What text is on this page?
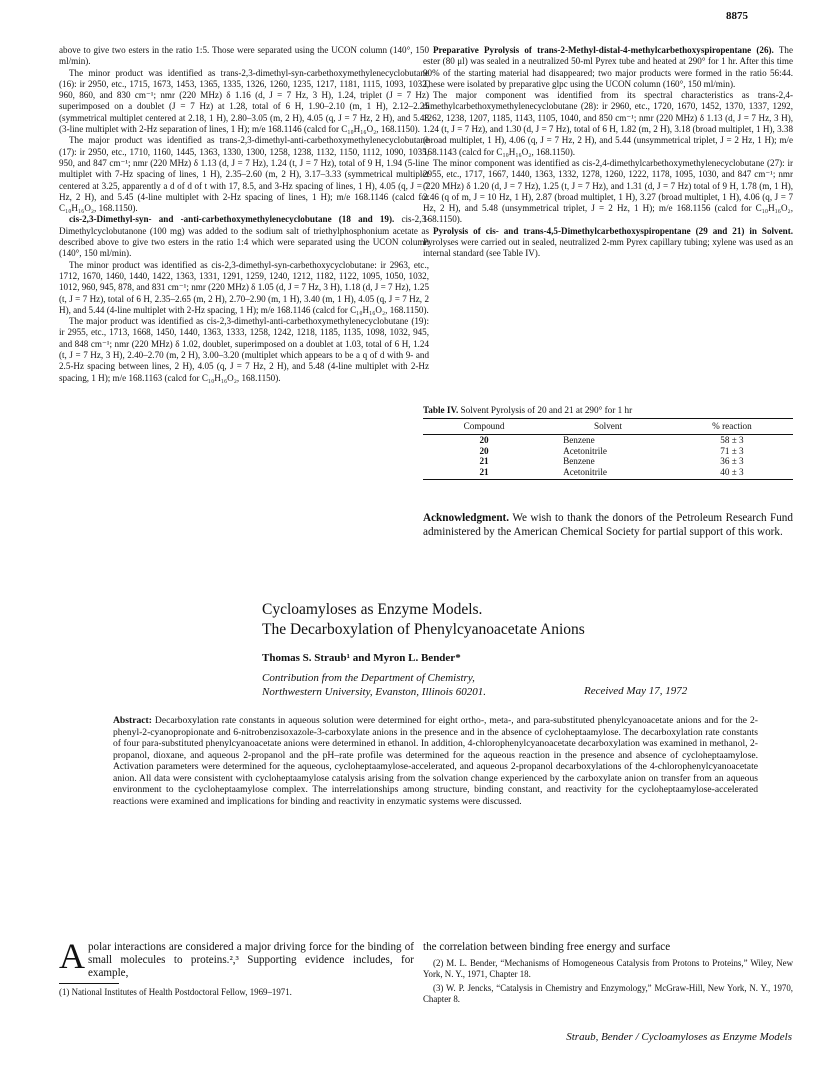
8875

above to give two esters in the ratio 1:5. Those were separated using the UCON column (140°, 150 ml/min).

The minor product was identified as trans-2,3-dimethyl-syn-carbethoxymethylenecyclobutane (16): ir 2950, etc., 1715, 1673, 1453, 1365, 1335, 1326, 1260, 1235, 1217, 1181, 1115, 1093, 1032, 960, 860, and 830 cm⁻¹; nmr (220 MHz) δ 1.16 (d, J = 7 Hz, 3 H), 1.24, triplet (J = 7 Hz) superimposed on a doublet (J = 7 Hz) at 1.28, total of 6 H, 1.90–2.10 (m, 1 H), 2.12–2.25 (symmetrical multiplet centered at 2.18, 1 H), 2.80–3.05 (m, 2 H), 4.05 (q, J = 7 Hz, 2 H), and 5.48 (3-line multiplet with 2-Hz separation of lines, 1 H); m/e 168.1146 (calcd for C₁₀H₁₆O₂, 168.1150).

The major product was identified as trans-2,3-dimethyl-anti-carbethoxymethylenecyclobutane (17): ir 2950, etc., 1710, 1160, 1445, 1363, 1330, 1300, 1258, 1238, 1132, 1150, 1112, 1090, 1035, 950, and 847 cm⁻¹; nmr (220 MHz) δ 1.13 (d, J = 7 Hz), 1.24 (t, J = 7 Hz), total of 9 H, 1.94 (5-line multiplet with 7-Hz spacing of lines, 1 H), 2.35–2.60 (m, 2 H), 3.17–3.33 (symmetrical multiplet centered at 3.25, apparently a d of d of t with 17, 8.5, and 3-Hz spacing of lines, 1 H), 4.05 (q, J = 7 Hz, 2 H), and 5.45 (4-line multiplet with 2-Hz spacing of lines, 1 H); m/e 168.1146 (calcd for C₁₀H₁₆O₂, 168.1150).

cis-2,3-Dimethyl-syn- and -anti-carbethoxymethylenecyclobutane (18 and 19). cis-2,3-Dimethylcyclobutanone (100 mg) was added to the sodium salt of triethylphosphonium acetate as described above to give two esters in the ratio 1:4 which were separated using the UCON column (140°, 150 ml/min).

The minor product was identified as cis-2,3-dimethyl-syn-carbethoxycyclobutane: ir 2963, etc., 1712, 1670, 1460, 1440, 1422, 1363, 1331, 1291, 1259, 1240, 1212, 1182, 1122, 1095, 1050, 1032, 1012, 960, 945, 878, and 831 cm⁻¹; nmr (220 MHz) δ 1.05 (d, J = 7 Hz, 3 H), 1.18 (d, J = 7 Hz), 1.25 (t, J = 7 Hz), total of 6 H, 2.35–2.65 (m, 2 H), 2.70–2.90 (m, 1 H), 3.40 (m, 1 H), 4.05 (q, J = 7 Hz, 2 H), and 5.44 (4-line multiplet with 2-Hz spacing, 1 H); m/e 168.1146 (calcd for C₁₀H₁₆O₂, 168.1150).

The major product was identified as cis-2,3-dimethyl-anti-carbethoxymethylenecyclobutane (19): ir 2955, etc., 1713, 1668, 1450, 1440, 1363, 1333, 1258, 1242, 1218, 1185, 1135, 1098, 1032, 945, and 848 cm⁻¹; nmr (220 MHz) δ 1.02, doublet, superimposed on a doublet at 1.03, total of 6 H, 1.24 (t, J = 7 Hz, 3 H), 2.40–2.70 (m, 2 H), 3.00–3.20 (multiplet which appears to be a q of d with 9- and 2.5-Hz spacing between lines, 2 H), 4.05 (q, J = 7 Hz, 2 H), and 5.48 (4-line multiplet with 2-Hz spacing, 1 H); m/e 168.1163 (calcd for C₁₀H₁₆O₂, 168.1150).

Preparative Pyrolysis of trans-2-Methyl-distal-4-methylcarbethoxyspiropentane (26). The ester (80 μl) was sealed in a neutralized 50-ml Pyrex tube and heated at 290° for 1 hr. After this time 90% of the starting material had disappeared; two major products were formed in the ratio 56:44. These were isolated by preparative glpc using the UCON column (160°, 150 ml/min).

The major component was identified from its spectral characteristics as trans-2,4-dimethylcarbethoxymethylenecyclobutane (28): ir 2960, etc., 1720, 1670, 1452, 1370, 1337, 1292, 1262, 1238, 1207, 1185, 1143, 1105, 1040, and 850 cm⁻¹; nmr (220 MHz) δ 1.13 (d, J = 7 Hz, 3 H), 1.24 (t, J = 7 Hz), and 1.30 (d, J = 7 Hz), total of 6 H, 1.82 (m, 2 H), 3.18 (broad multiplet, 1 H), 3.38 (broad multiplet, 1 H), 4.06 (q, J = 7 Hz, 2 H), and 5.44 (unsymmetrical triplet, J = 2 Hz, 1 H); m/e 168.1143 (calcd for C₁₀H₁₆O₂, 168.1150).

The minor component was identified as cis-2,4-dimethylcarbethoxymethylenecyclobutane (27): ir 2955, etc., 1717, 1667, 1440, 1363, 1332, 1278, 1260, 1222, 1178, 1095, 1030, and 847 cm⁻¹; nmr (220 MHz) δ 1.20 (d, J = 7 Hz), 1.25 (t, J = 7 Hz), and 1.31 (d, J = 7 Hz) total of 9 H, 1.78 (m, 1 H), 2.46 (q of m, J = 10 Hz, 1 H), 2.87 (broad multiplet, 1 H), 3.27 (broad multiplet, 1 H), 4.06 (q, J = 7 Hz, 2 H), and 5.48 (unsymmetrical triplet, J = 2 Hz, 1 H); m/e 168.1156 (calcd for C₁₀H₁₆O₂, 168.1150).

Pyrolysis of cis- and trans-4,5-Dimethylcarbethoxyspiropentane (29 and 21) in Solvent. Pyrolyses were carried out in sealed, neutralized 2-mm Pyrex capillary tubing; xylene was used as an internal standard (see Table IV).

Table IV. Solvent Pyrolysis of 20 and 21 at 290° for 1 hr
Compound	Solvent	% reaction
20	Benzene	58 ± 3
20	Acetonitrile	71 ± 3
21	Benzene	36 ± 3
21	Acetonitrile	40 ± 3
Acknowledgment. We wish to thank the donors of the Petroleum Research Fund administered by the American Chemical Society for partial support of this work.
Cycloamyloses as Enzyme Models.
The Decarboxylation of Phenylcyanoacetate Anions
Thomas S. Straub¹ and Myron L. Bender*
Contribution from the Department of Chemistry,
Northwestern University, Evanston, Illinois 60201.	Received May 17, 1972
Abstract: Decarboxylation rate constants in aqueous solution were determined for eight ortho-, meta-, and para-substituted phenylcyanoacetate anions and for the 2-phenyl-2-cyanopropionate and 6-nitrobenzisoxazole-3-carboxylate anions in the presence and in the absence of cycloheptaamylose. The decarboxylation rate constants of four para-substituted phenylcyanoacetate anions were determined in ethanol. In addition, 4-chlorophenylcyanoacetate decarboxylation was examined in methanol, 2-propanol, dioxane, and aqueous 2-propanol and the pH–rate profile was determined for the aqueous reaction in the presence and absence of cycloheptaamylose. Activation parameters were determined for the aqueous, cycloheptaamylose-accelerated, and aqueous 2-propanol decarboxylations of the 4-chlorophenylcyanoacetate anion. All data were consistent with cycloheptaamylose catalysis arising from the solvation change experienced by the carboxylate anion on transfer from an aqueous environment to the cycloheptaamylose complex. The interrelationships among structure, binding constant, and reactivity for the cycloheptaamylose-accelerated reactions were examined and implications for binding and reactivity in enzymatic systems were discussed.
Apolar interactions are considered a major driving force for the binding of small molecules to proteins.²,³ Supporting evidence includes, for example,
the correlation between binding free energy and surface
(1) National Institutes of Health Postdoctoral Fellow, 1969–1971.
(2) M. L. Bender, “Mechanisms of Homogeneous Catalysis from Protons to Proteins,” Wiley, New York, N. Y., 1971, Chapter 18.
(3) W. P. Jencks, “Catalysis in Chemistry and Enzymology,” McGraw-Hill, New York, N. Y., 1970, Chapter 8.
Straub, Bender / Cycloamyloses as Enzyme Models
